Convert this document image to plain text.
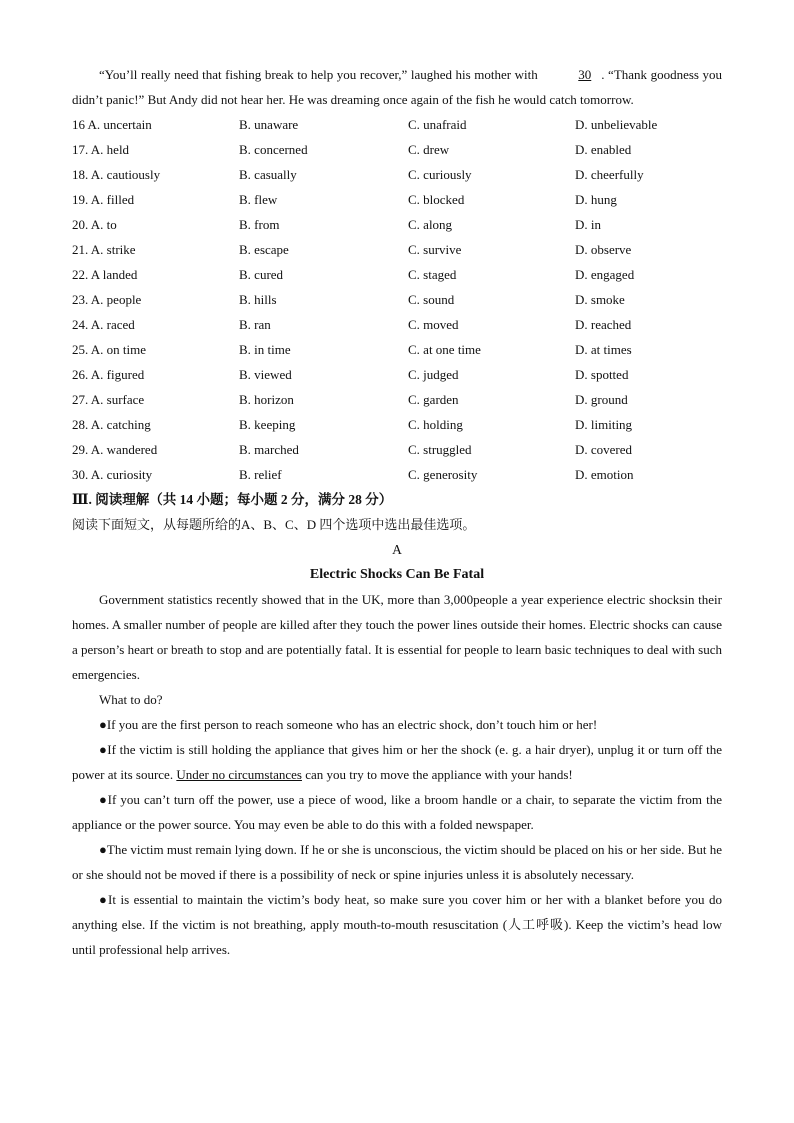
“You’ll really need that fishing break to help you recover,” laughed his mother with	30 . “Thank goodness you didn’t panic!” But Andy did not hear her. He was dreaming once again of the fish he would catch tomorrow.
16 A. uncertain	B. unaware	C. unafraid	D. unbelievable
17. A. held	B. concerned	C. drew	D. enabled
18. A. cautiously	B. casually	C. curiously	D. cheerfully
19. A. filled	B. flew	C. blocked	D. hung
20. A. to	B. from	C. along	D. in
21. A. strike	B. escape	C. survive	D. observe
22. A landed	B. cured	C. staged	D. engaged
23. A. people	B. hills	C. sound	D. smoke
24. A. raced	B. ran	C. moved	D. reached
25. A. on time	B. in time	C. at one time	D. at times
26. A. figured	B. viewed	C. judged	D. spotted
27. A. surface	B. horizon	C. garden	D. ground
28. A. catching	B. keeping	C. holding	D. limiting
29. A. wandered	B. marched	C. struggled	D. covered
30. A. curiosity	B. relief	C. generosity	D. emotion
Ⅲ. 阅读理解（共 14 小题；每小题 2 分，满分 28 分）
阅读下面短文，从每题所给的A、B、C、D 四个选项中选出最佳选项。
A
Electric Shocks Can Be Fatal
Government statistics recently showed that in the UK, more than 3,000people a year experience electric shocksin their homes. A smaller number of people are killed after they touch the power lines outside their homes. Electric shocks can cause a person’s heart or breath to stop and are potentially fatal. It is essential for people to learn basic techniques to deal with such emergencies.
What to do?
●If you are the first person to reach someone who has an electric shock, don’t touch him or her!
●If the victim is still holding the appliance that gives him or her the shock (e. g. a hair dryer), unplug it or turn off the power at its source. Under no circumstances can you try to move the appliance with your hands!
●If you can’t turn off the power, use a piece of wood, like a broom handle or a chair, to separate the victim from the appliance or the power source. You may even be able to do this with a folded newspaper.
●The victim must remain lying down. If he or she is unconscious, the victim should be placed on his or her side. But he or she should not be moved if there is a possibility of neck or spine injuries unless it is absolutely necessary.
●It is essential to maintain the victim’s body heat, so make sure you cover him or her with a blanket before you do anything else. If the victim is not breathing, apply mouth-to-mouth resuscitation (人工呼吸). Keep the victim’s head low until professional help arrives.
